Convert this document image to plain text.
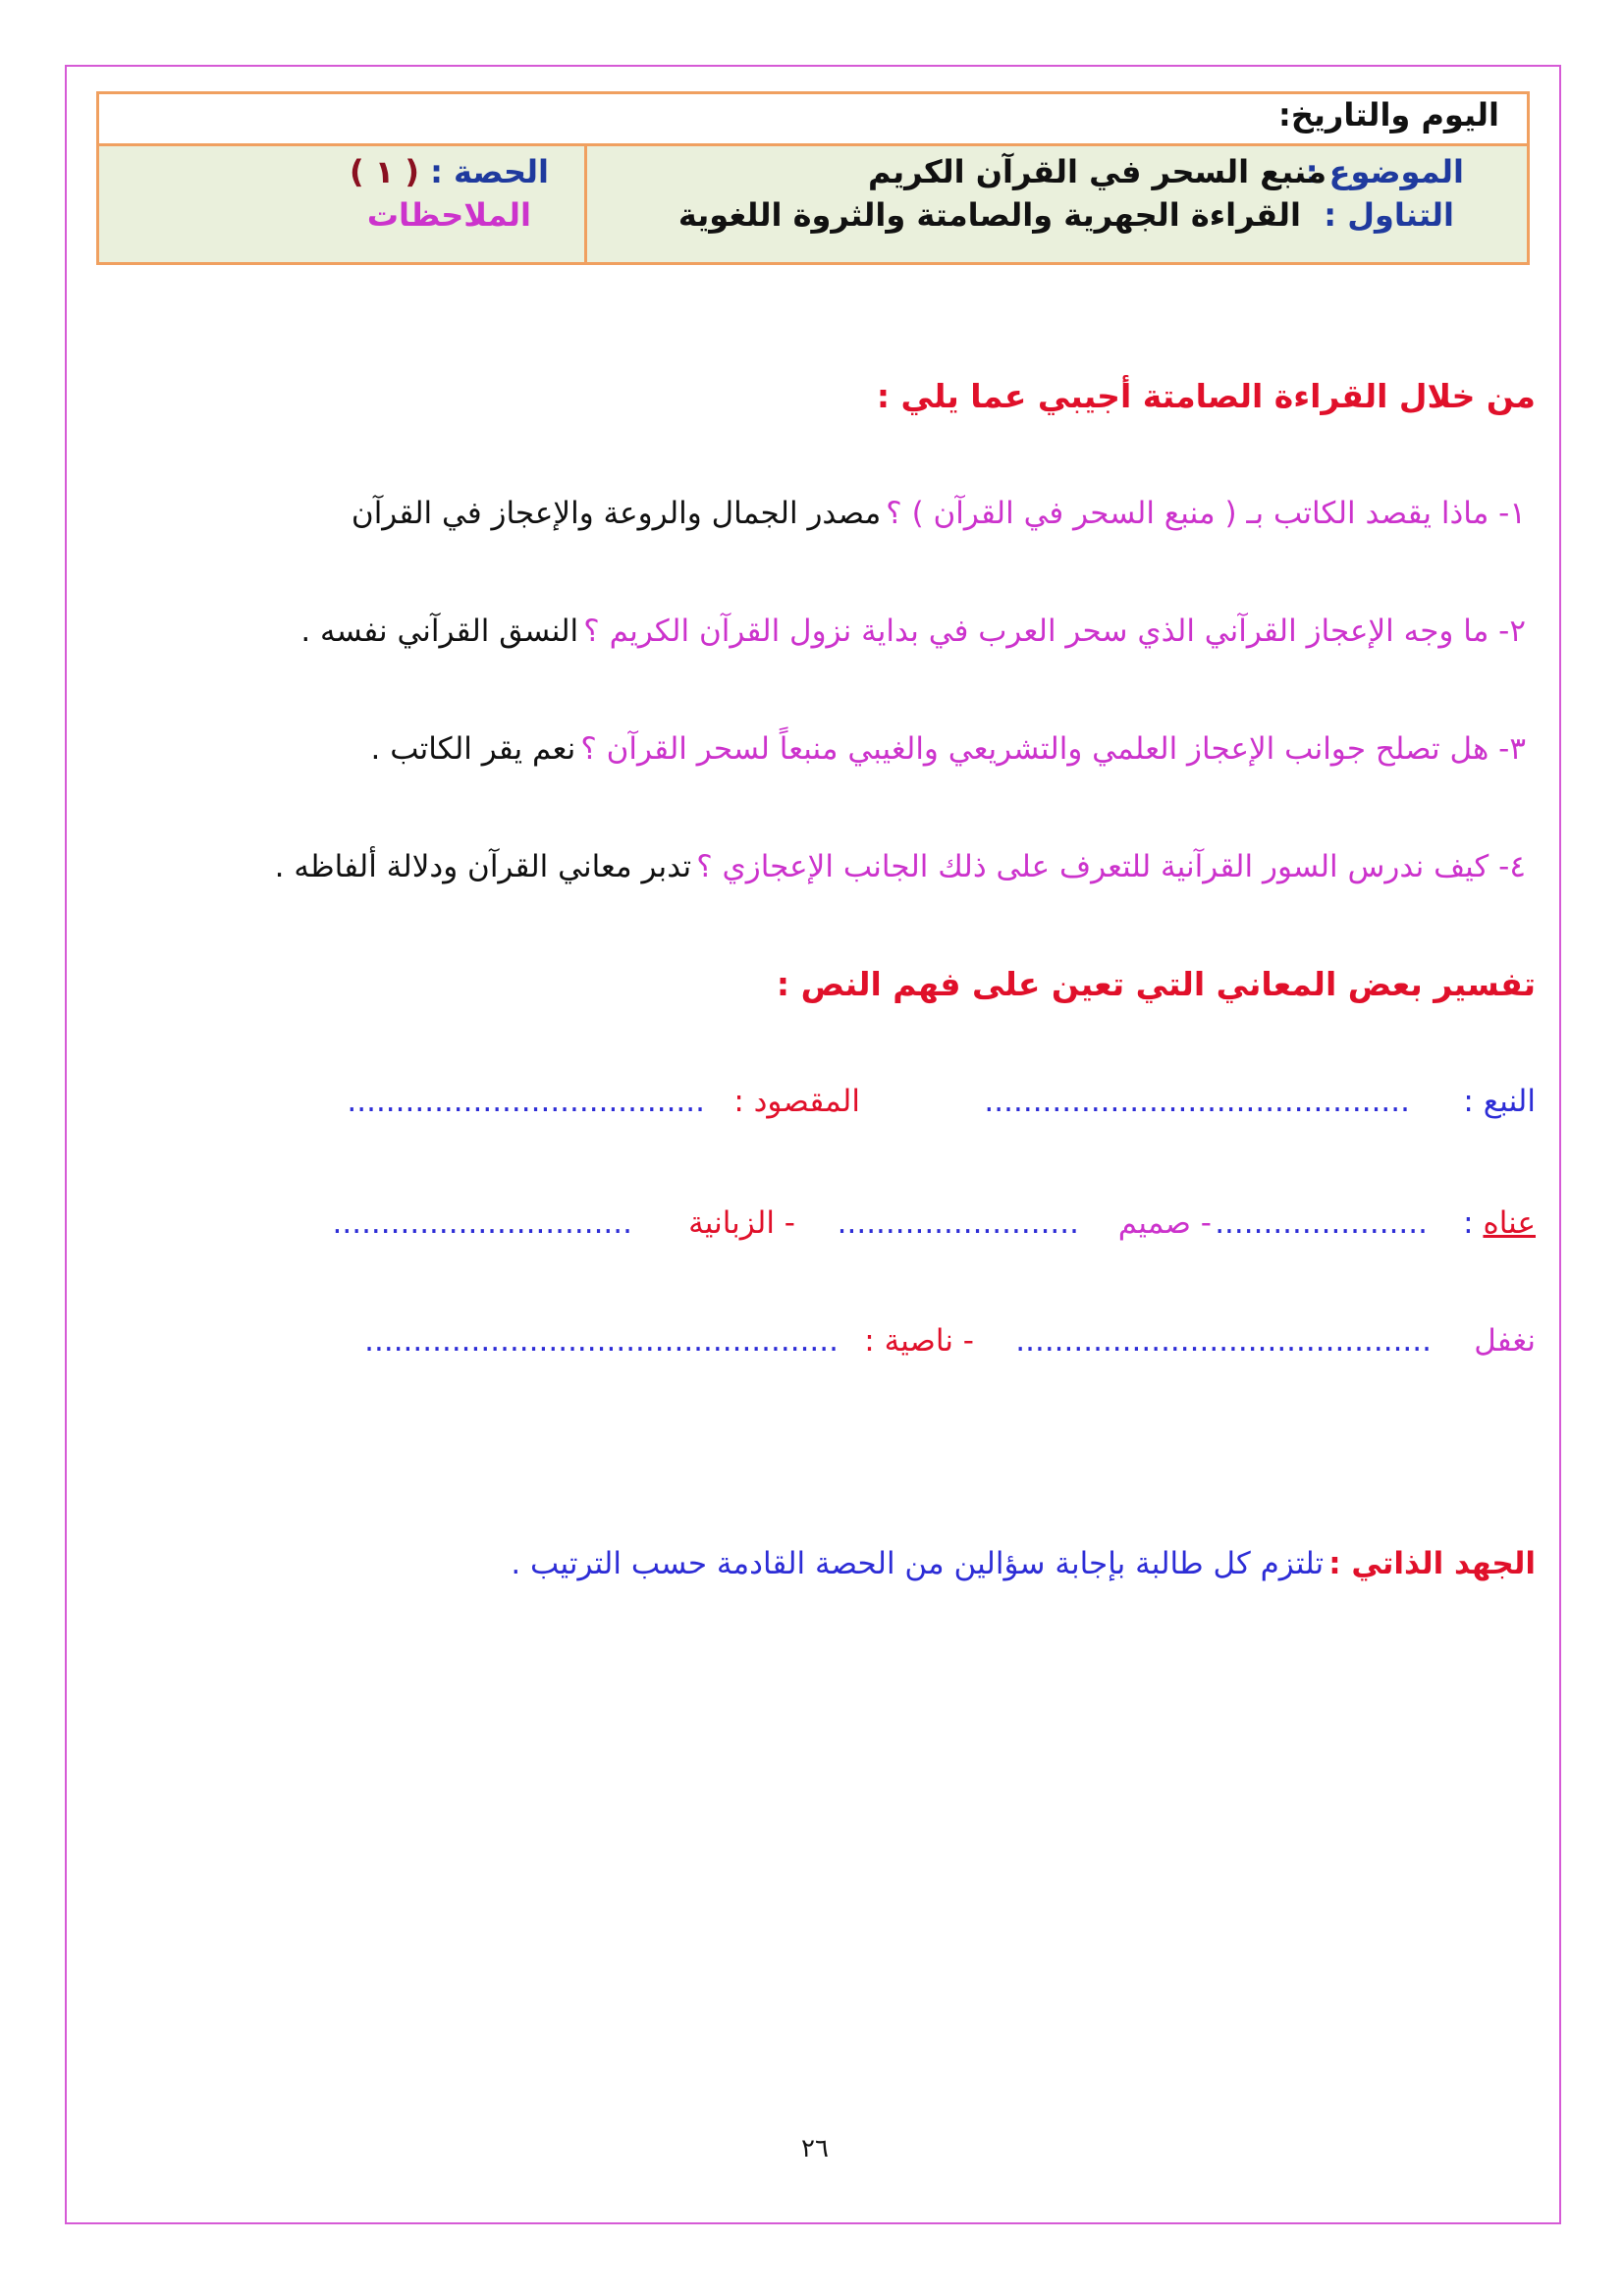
اليوم والتاريخ:
الموضوع :
منبع السحر في القرآن الكريم
التناول :
القراءة الجهرية والصامتة والثروة اللغوية
الحصة :
( ١ )
الملاحظات
من خلال القراءة الصامتة أجيبي عما يلي :
١- ماذا يقصد الكاتب بـ ( منبع السحر في القرآن ) ؟ مصدر الجمال والروعة والإعجاز في القرآن
٢- ما وجه الإعجاز القرآني الذي سحر العرب في بداية نزول القرآن الكريم ؟ النسق القرآني نفسه .
٣- هل تصلح جوانب الإعجاز العلمي والتشريعي والغيبي منبعاً لسحر القرآن ؟ نعم يقر الكاتب .
٤- كيف ندرس السور القرآنية للتعرف على ذلك الجانب الإعجازي ؟ تدبر معاني القرآن ودلالة ألفاظه .
تفسير بعض المعاني التي تعين على فهم النص :
النبع :
............................................
المقصود :
.....................................
عناه :
......................
- صميم
.........................
- الزبانية
...............................
نغفل
...........................................
- ناصية :
.................................................
الجهد الذاتي : تلتزم كل طالبة بإجابة سؤالين من الحصة القادمة حسب الترتيب .
٢٦
